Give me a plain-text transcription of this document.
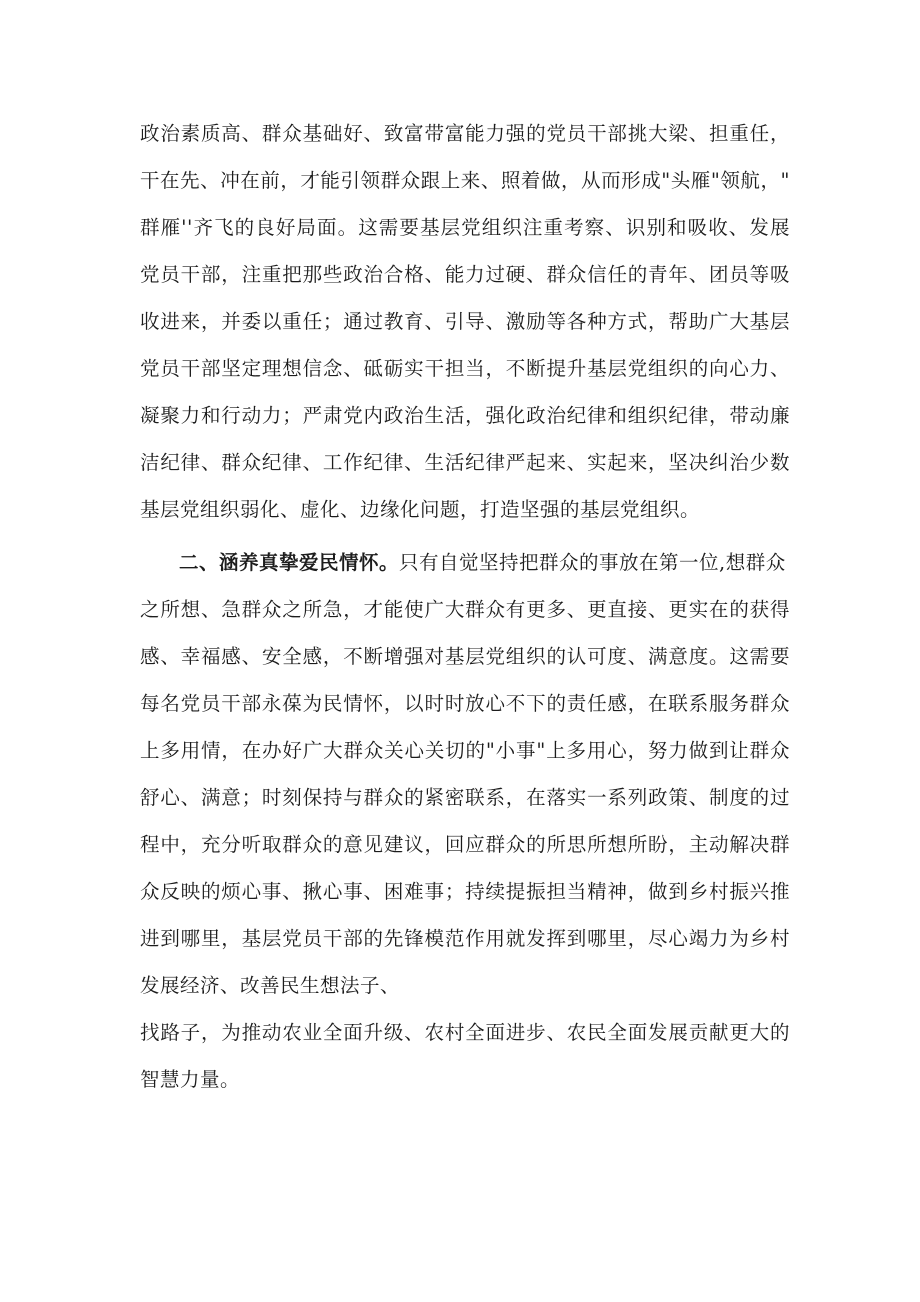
政治素质高、群众基础好、致富带富能力强的党员干部挑大梁、担重任，
干在先、冲在前，才能引领群众跟上来、照着做，从而形成"头雁"领航，"
群雁''齐飞的良好局面。这需要基层党组织注重考察、识别和吸收、发展
党员干部，注重把那些政治合格、能力过硬、群众信任的青年、团员等吸
收进来，并委以重任；通过教育、引导、激励等各种方式，帮助广大基层
党员干部坚定理想信念、砥砺实干担当，不断提升基层党组织的向心力、
凝聚力和行动力；严肃党内政治生活，强化政治纪律和组织纪律，带动廉
洁纪律、群众纪律、工作纪律、生活纪律严起来、实起来，坚决纠治少数
基层党组织弱化、虚化、边缘化问题，打造坚强的基层党组织。
二、涵养真挚爱民情怀。只有自觉坚持把群众的事放在第一位,想群众
之所想、急群众之所急，才能使广大群众有更多、更直接、更实在的获得
感、幸福感、安全感，不断增强对基层党组织的认可度、满意度。这需要
每名党员干部永葆为民情怀，以时时放心不下的责任感，在联系服务群众
上多用情，在办好广大群众关心关切的"小事"上多用心，努力做到让群众
舒心、满意；时刻保持与群众的紧密联系，在落实一系列政策、制度的过
程中，充分听取群众的意见建议，回应群众的所思所想所盼，主动解决群
众反映的烦心事、揪心事、困难事；持续提振担当精神，做到乡村振兴推
进到哪里，基层党员干部的先锋模范作用就发挥到哪里，尽心竭力为乡村
发展经济、改善民生想法子、
找路子，为推动农业全面升级、农村全面进步、农民全面发展贡献更大的
智慧力量。
